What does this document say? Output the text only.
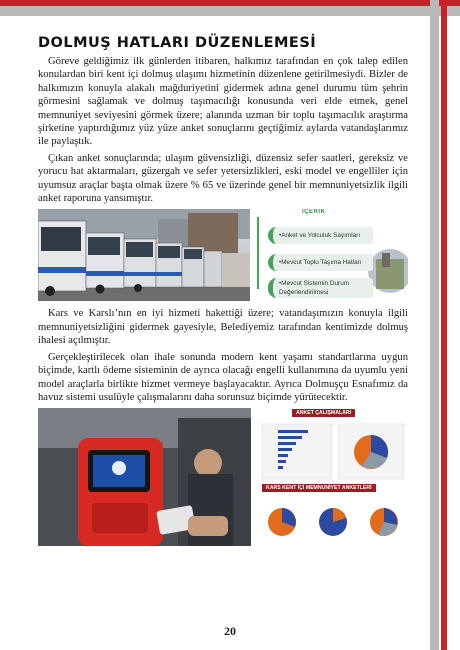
DOLMUŞ HATLARI DÜZENLEMESİ

Göreve geldiğimiz ilk günlerden itibaren, halkımız tarafından en çok talep edilen konulardan biri kent içi dolmuş ulaşımı hizmetinin düzenlene getirilmesiydi. Bizler de halkımızın konuyla alakalı mağduriyetini gidermek adına genel durumu tüm şehrin görmesini sağlamak ve dolmuş taşımacılığı konusunda veri elde etmek, genel memnuniyet seviyesini görmek üzere; alanında uzman bir toplu taşımacılık araştırma şirketine yaptırdığımız yüz yüze anket sonuçlarını geçtiğimiz aylarda vatandaşlarımız ile paylaştık.

Çıkan anket sonuçlarında; ulaşım güvensizliği, düzensiz sefer saatleri, gereksiz ve yorucu hat aktarmaları, güzergah ve sefer yetersizlikleri, eski model ve engelliler için uyumsuz araçlar başta olmak üzere % 65 ve üzerinde genel bir memnuniyetsizlik ilgili anket raporuna yansımıştır.

İÇERİK
•Anket ve Yolculuk Sayımları
•Mevcut Toplu Taşıma Hatları
•Mevcut Sistemin Durum Değerlendirilmesi

Kars ve Karslı’nın en iyi hizmeti hakettiği üzere; vatandaşımızın konuyla ilgili memnuniyetsizliğini gidermek gayesiyle, Belediyemiz tarafından kentimizde dolmuş ihalesi açılmıştır.

Gerçekleştirilecek olan ihale sonunda modern kent yaşamı standartlarına uygun biçimde, kartlı ödeme sisteminin de ayrıca olacağı engelli kullanımına da uyumlu yeni model araçlarla birlikte hizmet vermeye başlayacaktır. Ayrıca Dolmuşçu Esnafımız da havuz sistemi usulüyle çalışmalarını daha sorunsuz biçimde yürütecektir.

ANKET ÇALIŞMALARI
KARS KENT İÇİ MEMNUNİYET ANKETLERİ
20
